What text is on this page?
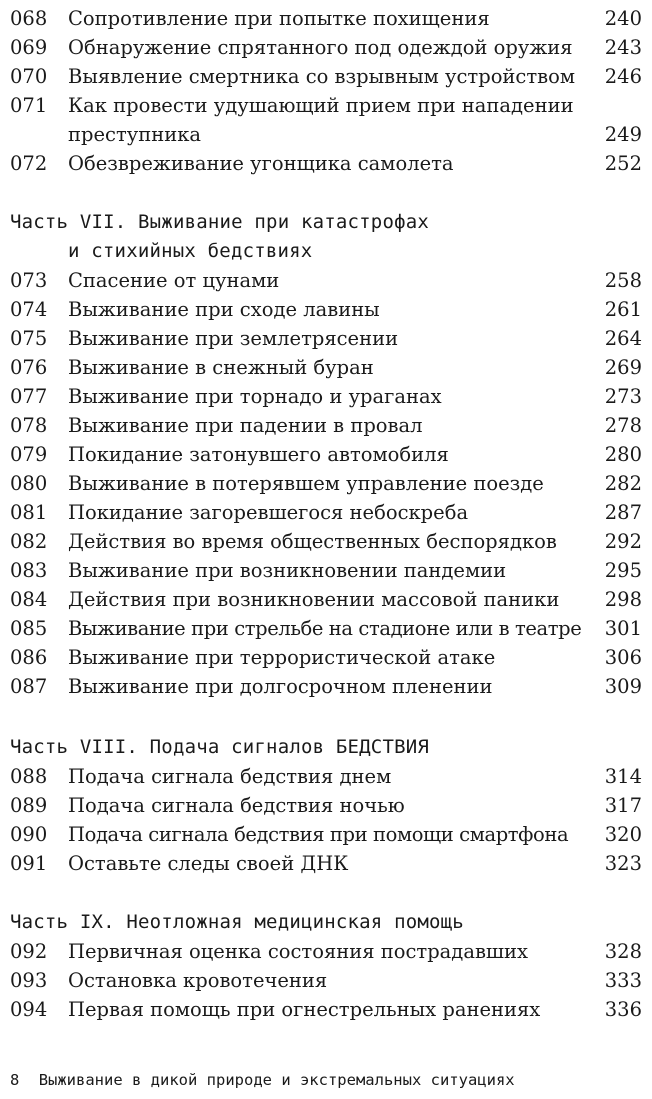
068 Сопротивление при попытке похищения	240
069 Обнаружение спрятанного под одеждой оружия 243
070 Выявление смертника со взрывным устройством 246
071 Как провести удушающий прием при нападении
преступника	249
072 Обезвреживание угонщика самолета	252
Часть VII. Выживание при катастрофах
и стихийных бедствиях
073 Спасение от цунами	258
074 Выживание при сходе лавины	261
075 Выживание при землетрясении	264
076 Выживание в снежный буран	269
077 Выживание при торнадо и ураганах	273
078 Выживание при падении в провал	278
079 Покидание затонувшего автомобиля	280
080 Выживание в потерявшем управление поезде	282
081 Покидание загоревшегося небоскреба	287
082 Действия во время общественных беспорядков 292
083 Выживание при возникновении пандемии	295
084 Действия при возникновении массовой паники 298
085 Выживание при стрельбе на стадионе или в театре 301
086 Выживание при террористической атаке	306
087 Выживание при долгосрочном пленении	309
Часть VIII. Подача сигналов БЕДСТВИЯ
088 Подача сигнала бедствия днем	314
089 Подача сигнала бедствия ночью	317
090 Подача сигнала бедствия при помощи смартфона 320
091 Оставьте следы своей ДНК	323
Часть IX. Неотложная медицинская помощь
092 Первичная оценка состояния пострадавших	328
093 Остановка кровотечения	333
094 Первая помощь при огнестрельных ранениях	336
8 Выживание в дикой природе и экстремальных ситуациях
